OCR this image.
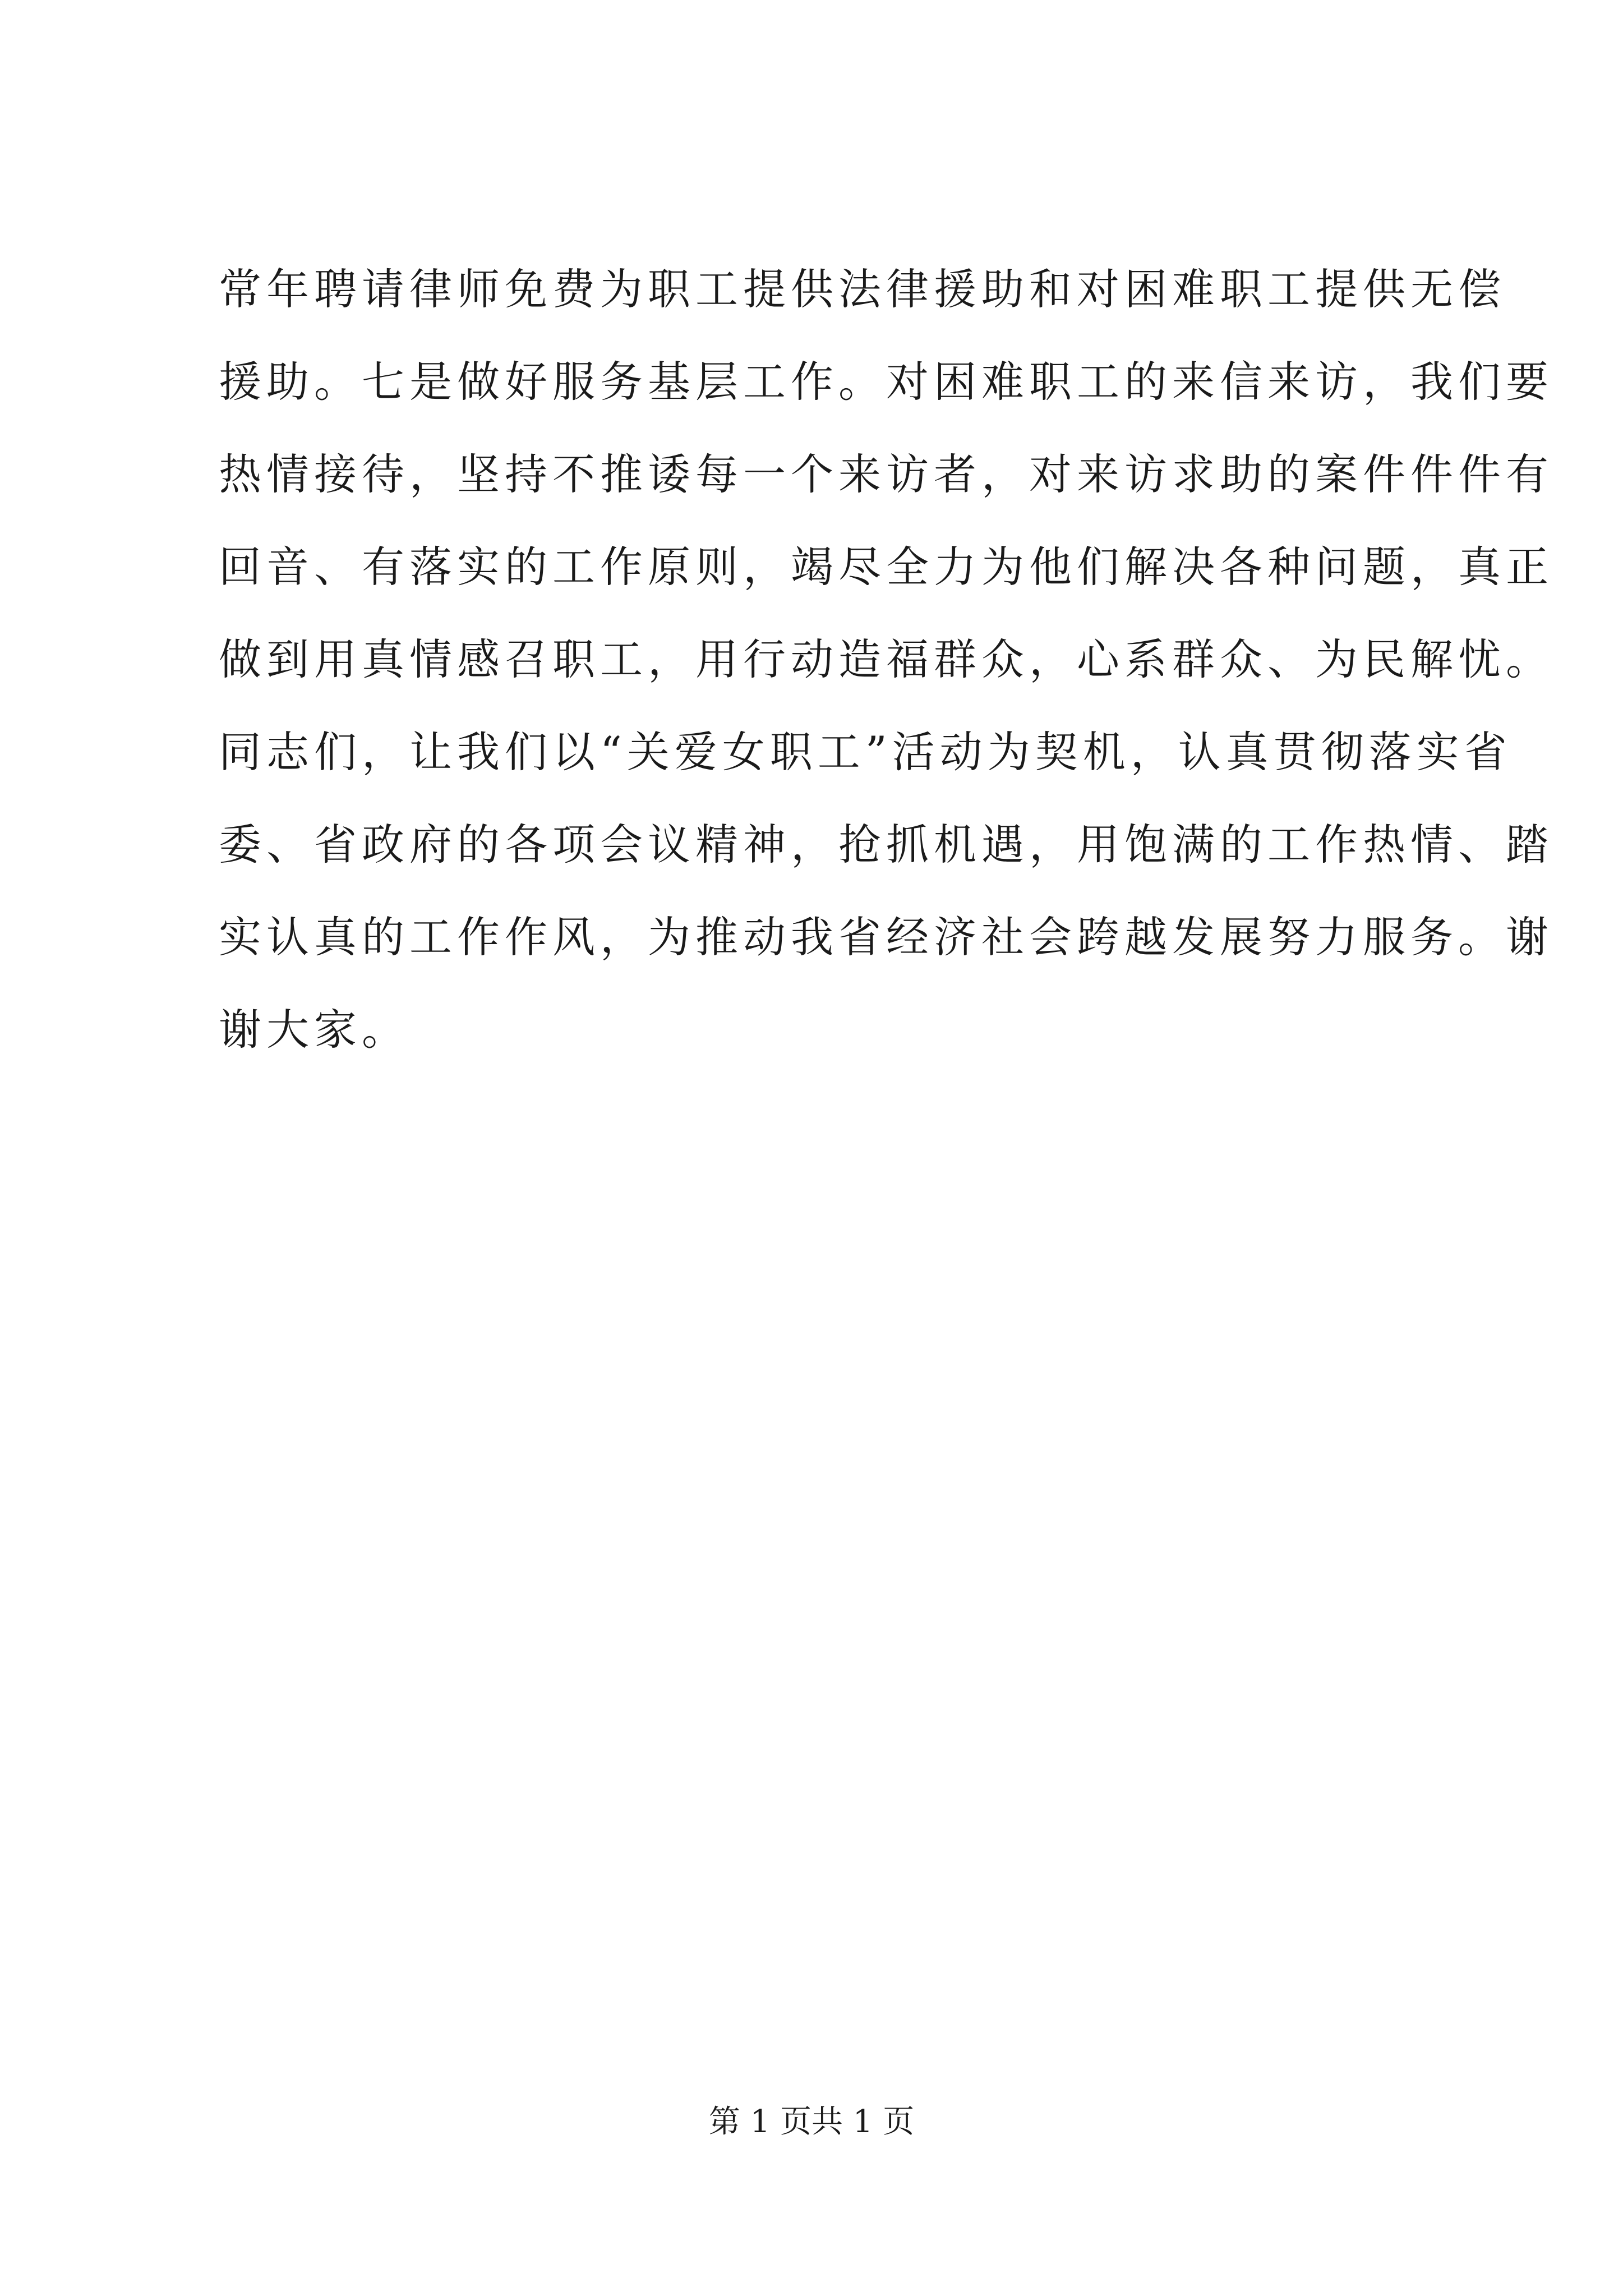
常年聘请律师免费为职工提供法律援助和对困难职工提供无偿
援助。七是做好服务基层工作。对困难职工的来信来访，我们要
热情接待，坚持不推诿每一个来访者，对来访求助的案件件件有
回音、有落实的工作原则，竭尽全力为他们解决各种问题，真正
做到用真情感召职工，用行动造福群众，心系群众、为民解忧。
同志们，让我们以“关爱女职工”活动为契机，认真贯彻落实省
委、省政府的各项会议精神，抢抓机遇，用饱满的工作热情、踏
实认真的工作作风，为推动我省经济社会跨越发展努力服务。谢
谢大家。
第 1 页共 1 页
